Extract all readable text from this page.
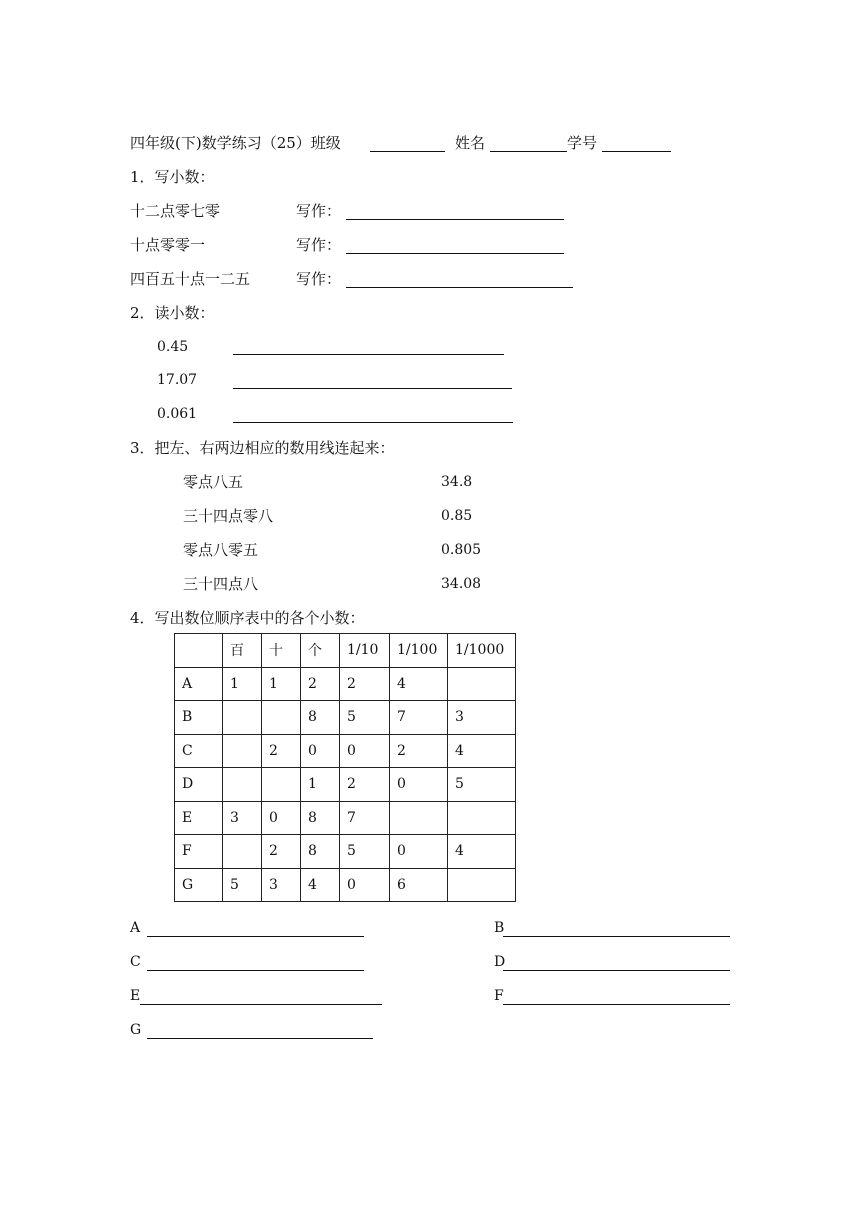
四年级(下)数学练习（25）班级	姓名	学号
1．写小数：
十二点零七零	写作：
十点零零一	写作：
四百五十点一二五	写作：
2．读小数：
0.45
17.07
0.061
3．把左、右两边相应的数用线连起来：
零点八五	34.8
三十四点零八	0.85
零点八零五	0.805
三十四点八	34.08
4．写出数位顺序表中的各个小数：
	百	十	个	1/10	1/100	1/1000
A	1	1	2	2	4	
B			8	5	7	3
C		2	0	0	2	4
D			1	2	0	5
E	3	0	8	7		
F		2	8	5	0	4
G	5	3	4	0	6	
A	B
C	D
E	F
G
